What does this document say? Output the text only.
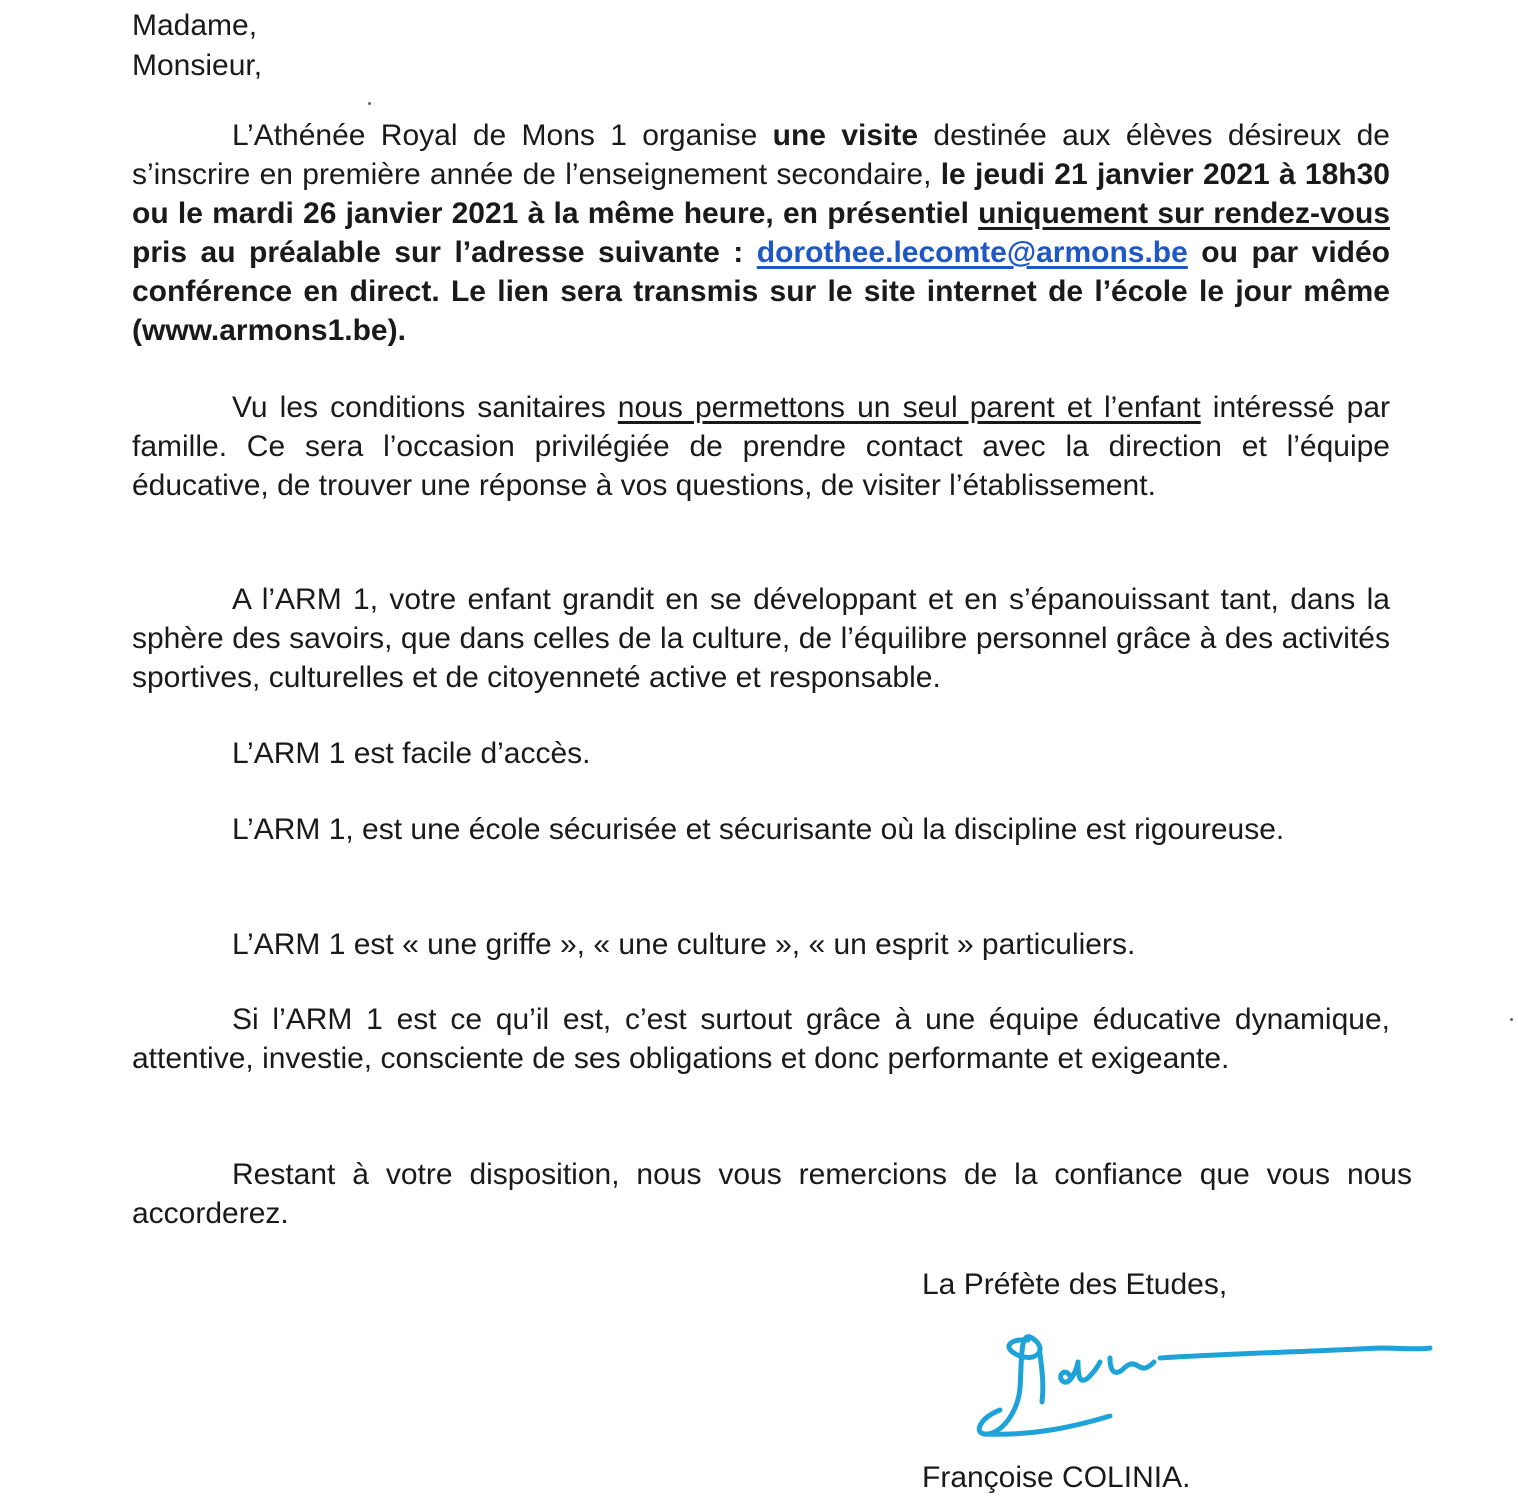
Madame,
Monsieur,

L’Athénée Royal de Mons 1 organise une visite destinée aux élèves désireux de s’inscrire en première année de l’enseignement secondaire, le jeudi 21 janvier 2021 à 18h30 ou le mardi 26 janvier 2021 à la même heure, en présentiel uniquement sur rendez-vous pris au préalable sur l’adresse suivante : dorothee.lecomte@armons.be ou par vidéo conférence en direct. Le lien sera transmis sur le site internet de l’école le jour même (www.armons1.be).

Vu les conditions sanitaires nous permettons un seul parent et l’enfant intéressé par famille. Ce sera l’occasion privilégiée de prendre contact avec la direction et l’équipe éducative, de trouver une réponse à vos questions, de visiter l’établissement.

A l’ARM 1, votre enfant grandit en se développant et en s’épanouissant tant, dans la sphère des savoirs, que dans celles de la culture, de l’équilibre personnel grâce à des activités sportives, culturelles et de citoyenneté active et responsable.

L’ARM 1 est facile d’accès.

L’ARM 1, est une école sécurisée et sécurisante où la discipline est rigoureuse.

L’ARM 1 est « une griffe », « une culture », « un esprit » particuliers.

Si l’ARM 1 est ce qu’il est, c’est surtout grâce à une équipe éducative dynamique, attentive, investie, consciente de ses obligations et donc performante et exigeante.

Restant à votre disposition, nous vous remercions de la confiance que vous nous accorderez.

La Préfète des Etudes,
Françoise COLINIA.
